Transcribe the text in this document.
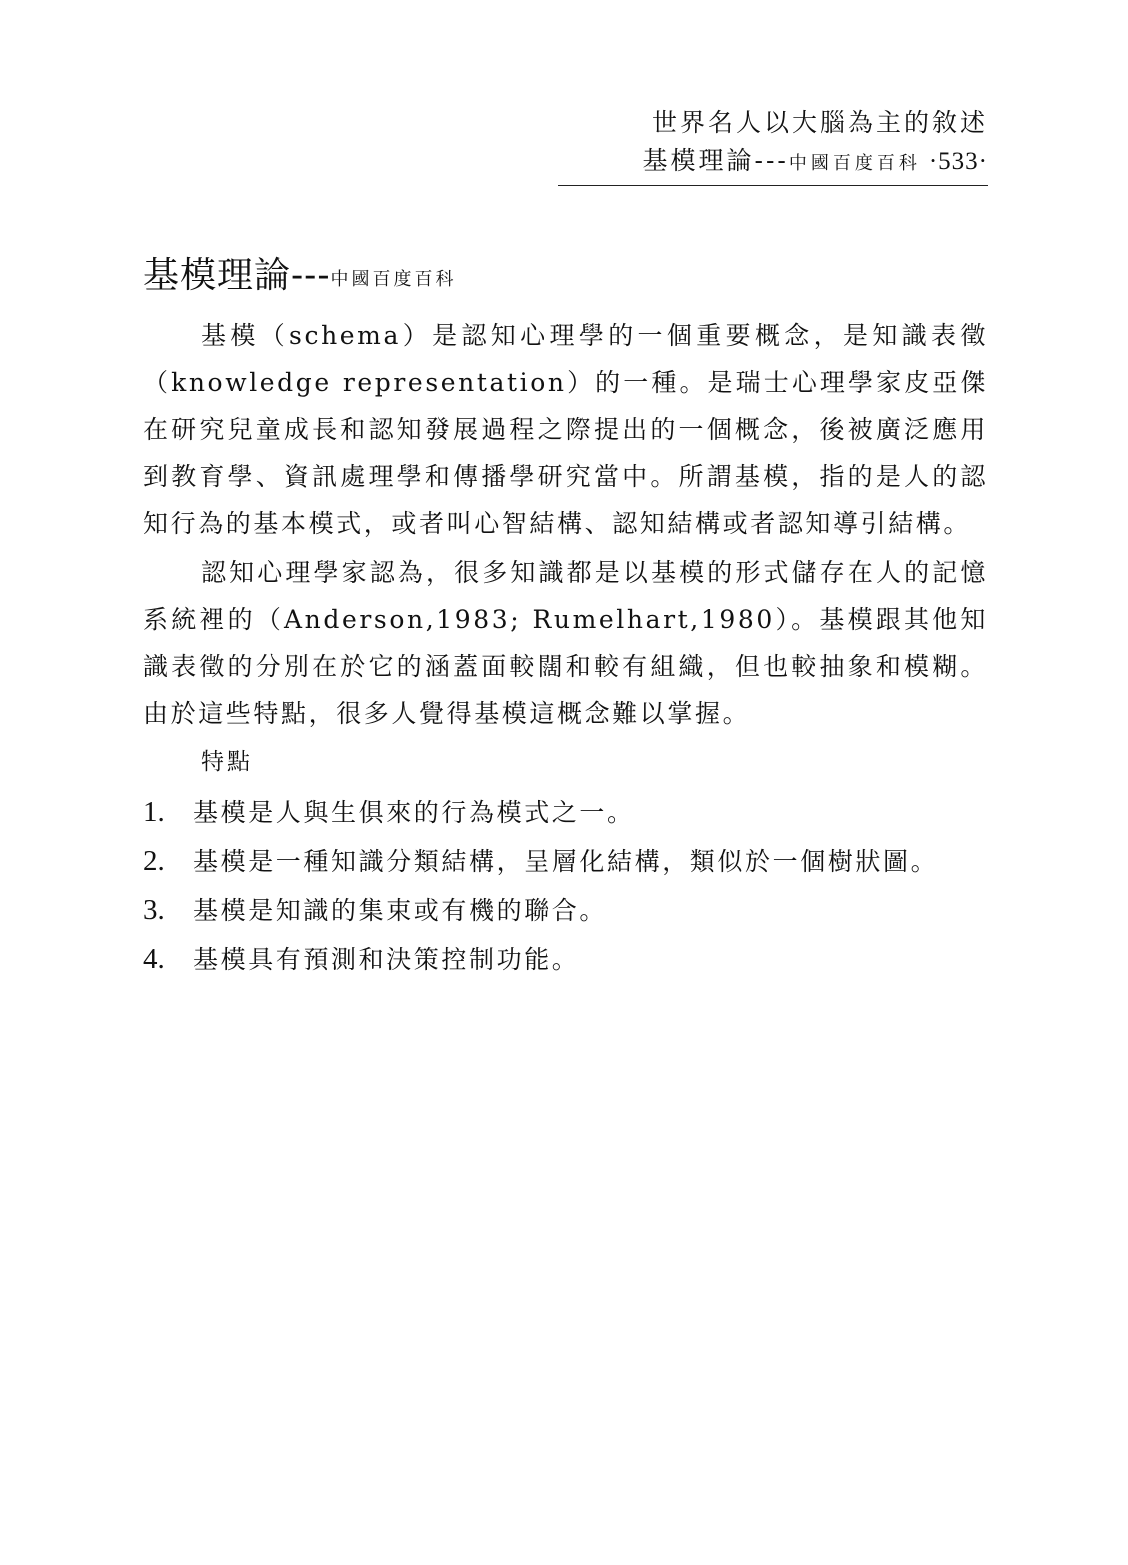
世界名人以大腦為主的敘述
基模理論---中國百度百科 ·533·
基模理論---中國百度百科

基模（schema）是認知心理學的一個重要概念，是知識表徵（knowledge representation）的一種。是瑞士心理學家皮亞傑在研究兒童成長和認知發展過程之際提出的一個概念，後被廣泛應用到教育學、資訊處理學和傳播學研究當中。所謂基模，指的是人的認知行為的基本模式，或者叫心智結構、認知結構或者認知導引結構。

認知心理學家認為，很多知識都是以基模的形式儲存在人的記憶系統裡的（Anderson,1983; Rumelhart,1980）。基模跟其他知識表徵的分別在於它的涵蓋面較闊和較有組織，但也較抽象和模糊。由於這些特點，很多人覺得基模這概念難以掌握。

特點

1. 基模是人與生俱來的行為模式之一。
2. 基模是一種知識分類結構，呈層化結構，類似於一個樹狀圖。
3. 基模是知識的集束或有機的聯合。
4. 基模具有預測和決策控制功能。
